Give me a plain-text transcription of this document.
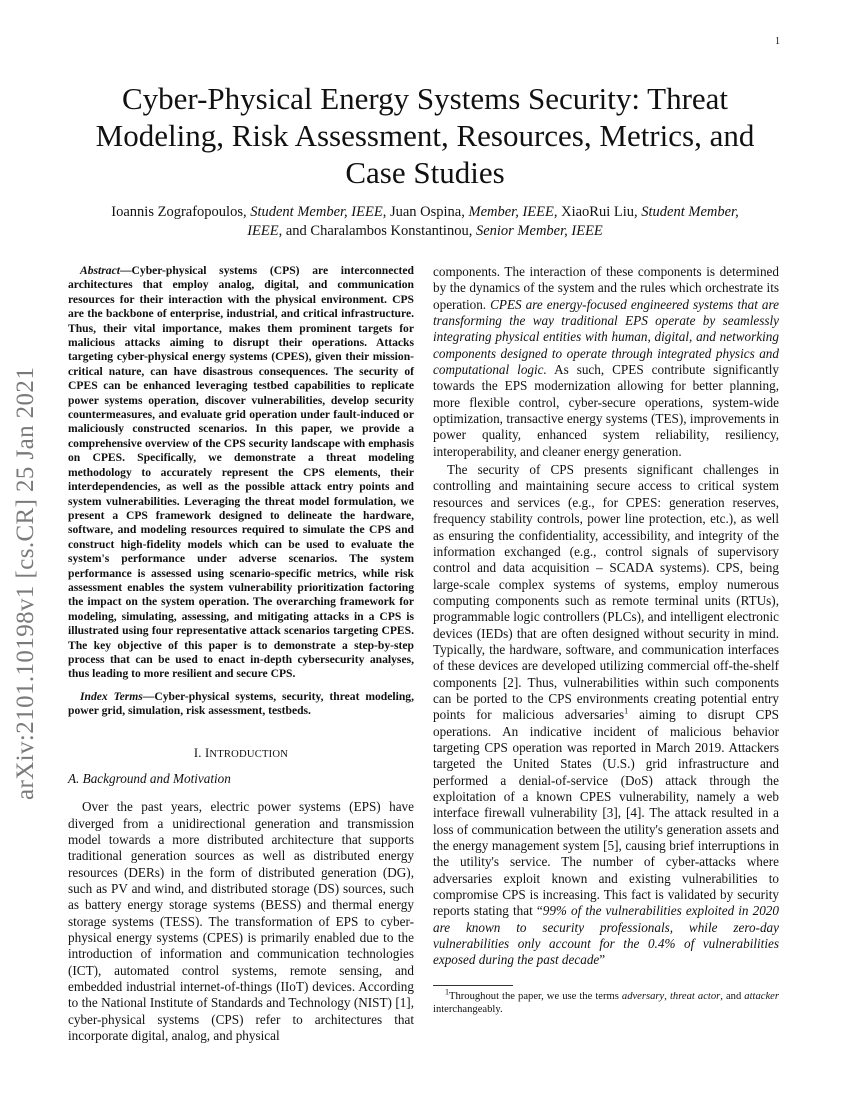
1
arXiv:2101.10198v1 [cs.CR] 25 Jan 2021
Cyber-Physical Energy Systems Security: Threat Modeling, Risk Assessment, Resources, Metrics, and Case Studies
Ioannis Zografopoulos, Student Member, IEEE, Juan Ospina, Member, IEEE, XiaoRui Liu, Student Member, IEEE, and Charalambos Konstantinou, Senior Member, IEEE

Abstract—Cyber-physical systems (CPS) are interconnected architectures that employ analog, digital, and communication resources for their interaction with the physical environment. CPS are the backbone of enterprise, industrial, and critical infrastructure. Thus, their vital importance, makes them prominent targets for malicious attacks aiming to disrupt their operations. Attacks targeting cyber-physical energy systems (CPES), given their mission-critical nature, can have disastrous consequences. The security of CPES can be enhanced leveraging testbed capabilities to replicate power systems operation, discover vulnerabilities, develop security countermeasures, and evaluate grid operation under fault-induced or maliciously constructed scenarios. In this paper, we provide a comprehensive overview of the CPS security landscape with emphasis on CPES. Specifically, we demonstrate a threat modeling methodology to accurately represent the CPS elements, their interdependencies, as well as the possible attack entry points and system vulnerabilities. Leveraging the threat model formulation, we present a CPS framework designed to delineate the hardware, software, and modeling resources required to simulate the CPS and construct high-fidelity models which can be used to evaluate the system's performance under adverse scenarios. The system performance is assessed using scenario-specific metrics, while risk assessment enables the system vulnerability prioritization factoring the impact on the system operation. The overarching framework for modeling, simulating, assessing, and mitigating attacks in a CPS is illustrated using four representative attack scenarios targeting CPES. The key objective of this paper is to demonstrate a step-by-step process that can be used to enact in-depth cybersecurity analyses, thus leading to more resilient and secure CPS.

Index Terms—Cyber-physical systems, security, threat modeling, power grid, simulation, risk assessment, testbeds.

I. INTRODUCTION
A. Background and Motivation

Over the past years, electric power systems (EPS) have diverged from a unidirectional generation and transmission model towards a more distributed architecture that supports traditional generation sources as well as distributed energy resources (DERs) in the form of distributed generation (DG), such as PV and wind, and distributed storage (DS) sources, such as battery energy storage systems (BESS) and thermal energy storage systems (TESS). The transformation of EPS to cyber-physical energy systems (CPES) is primarily enabled due to the introduction of information and communication technologies (ICT), automated control systems, remote sensing, and embedded industrial internet-of-things (IIoT) devices. According to the National Institute of Standards and Technology (NIST) [1], cyber-physical systems (CPS) refer to architectures that incorporate digital, analog, and physical

components. The interaction of these components is determined by the dynamics of the system and the rules which orchestrate its operation. CPES are energy-focused engineered systems that are transforming the way traditional EPS operate by seamlessly integrating physical entities with human, digital, and networking components designed to operate through integrated physics and computational logic. As such, CPES contribute significantly towards the EPS modernization allowing for better planning, more flexible control, cyber-secure operations, system-wide optimization, transactive energy systems (TES), improvements in power quality, enhanced system reliability, resiliency, interoperability, and cleaner energy generation.

The security of CPS presents significant challenges in controlling and maintaining secure access to critical system resources and services (e.g., for CPES: generation reserves, frequency stability controls, power line protection, etc.), as well as ensuring the confidentiality, accessibility, and integrity of the information exchanged (e.g., control signals of supervisory control and data acquisition – SCADA systems). CPS, being large-scale complex systems of systems, employ numerous computing components such as remote terminal units (RTUs), programmable logic controllers (PLCs), and intelligent electronic devices (IEDs) that are often designed without security in mind. Typically, the hardware, software, and communication interfaces of these devices are developed utilizing commercial off-the-shelf components [2]. Thus, vulnerabilities within such components can be ported to the CPS environments creating potential entry points for malicious adversaries$^1$ aiming to disrupt CPS operations. An indicative incident of malicious behavior targeting CPS operation was reported in March 2019. Attackers targeted the United States (U.S.) grid infrastructure and performed a denial-of-service (DoS) attack through the exploitation of a known CPES vulnerability, namely a web interface firewall vulnerability [3], [4]. The attack resulted in a loss of communication between the utility's generation assets and the energy management system [5], causing brief interruptions in the utility's service. The number of cyber-attacks where adversaries exploit known and existing vulnerabilities to compromise CPS is increasing. This fact is validated by security reports stating that “99% of the vulnerabilities exploited in 2020 are known to security professionals, while zero-day vulnerabilities only account for the 0.4% of vulnerabilities exposed during the past decade”

$^1$Throughout the paper, we use the terms adversary, threat actor, and attacker interchangeably.
